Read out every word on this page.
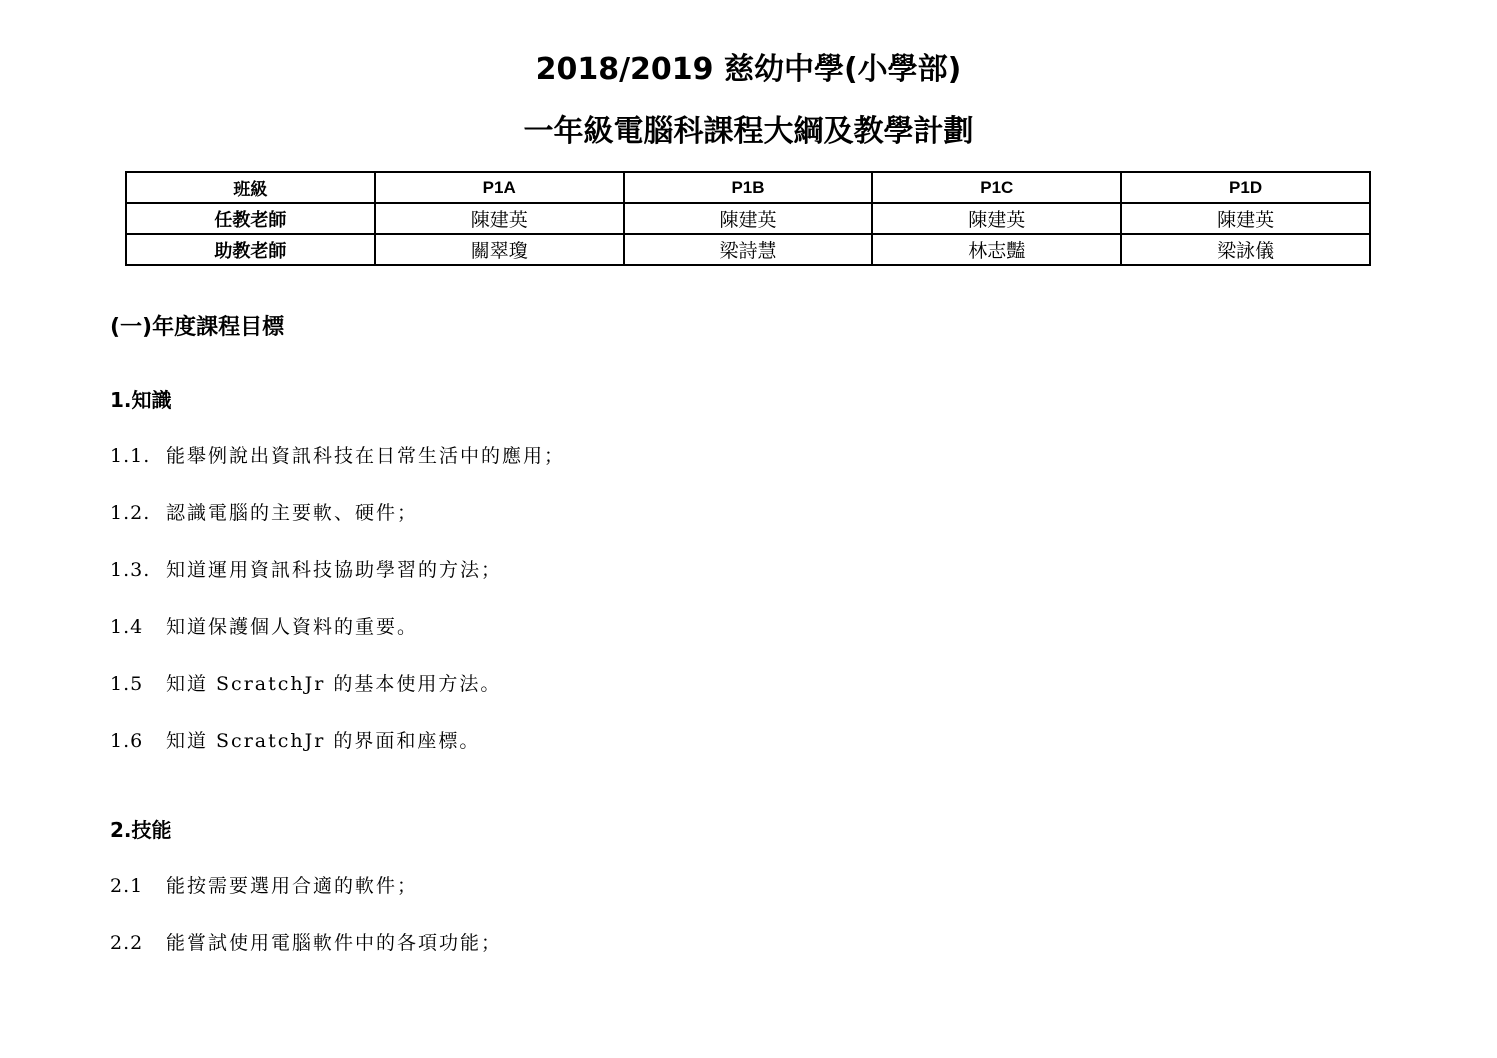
2018/2019 慈幼中學(小學部)
一年級電腦科課程大綱及教學計劃
班級	P1A	P1B	P1C	P1D
任教老師	陳建英	陳建英	陳建英	陳建英
助教老師	關翠瓊	梁詩慧	林志豔	梁詠儀
(一)年度課程目標
1.知識
1.1. 能舉例說出資訊科技在日常生活中的應用；
1.2. 認識電腦的主要軟、硬件；
1.3. 知道運用資訊科技協助學習的方法；
1.4 知道保護個人資料的重要。
1.5 知道 ScratchJr 的基本使用方法。
1.6 知道 ScratchJr 的界面和座標。
2.技能
2.1 能按需要選用合適的軟件；
2.2 能嘗試使用電腦軟件中的各項功能；
